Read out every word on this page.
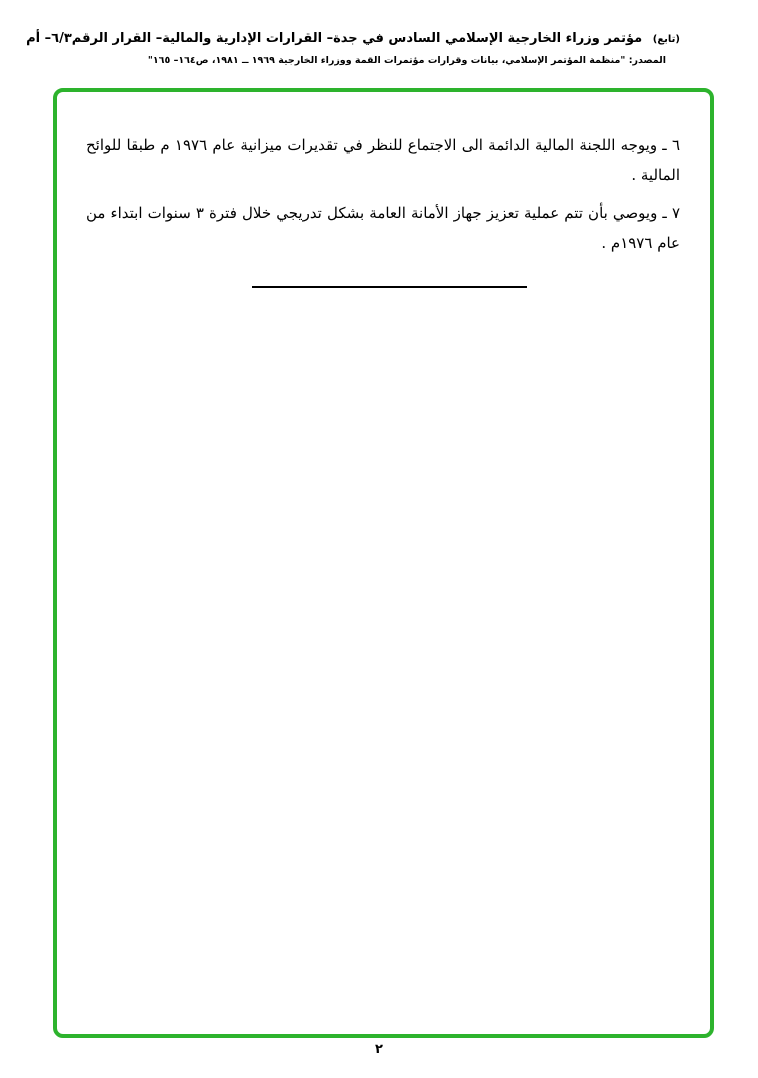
(تابع) مؤتمر وزراء الخارجية الإسلامي السادس في جدة– القرارات الإدارية والمالية– القرار الرقم٦/٣– أم
المصدر: "منظمة المؤتمر الإسلامي، بيانات وقرارات مؤتمرات القمة ووزراء الخارجية ١٩٦٩ ــ ١٩٨١، ص١٦٤– ١٦٥"

٦ ـ ويوجه اللجنة المالية الدائمة الى الاجتماع للنظر في تقديرات ميزانية عام ١٩٧٦ م طبقا للوائح المالية .

٧ ـ ويوصي بأن تتم عملية تعزيز جهاز الأمانة العامة بشكل تدريجي خلال فترة ٣ سنوات ابتداء من عام ١٩٧٦م .

٢
